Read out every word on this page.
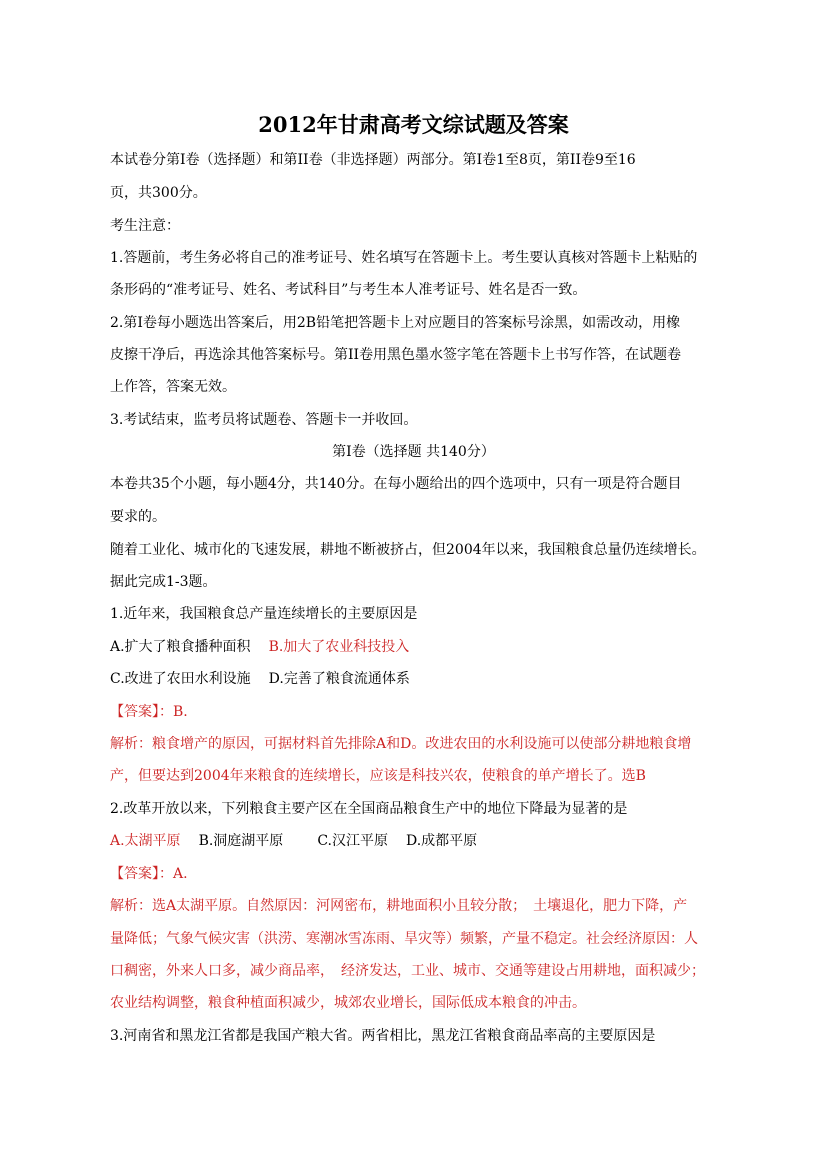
2012年甘肃高考文综试题及答案
本试卷分第Ⅰ卷（选择题）和第II卷（非选择题）两部分。第Ⅰ卷1至8页，第II卷9至16
页，共300分。
考生注意：
1.答题前，考生务必将自己的准考证号、姓名填写在答题卡上。考生要认真核对答题卡上粘贴的
条形码的“准考证号、姓名、考试科目”与考生本人准考证号、姓名是否一致。
2.第Ⅰ卷每小题选出答案后，用2B铅笔把答题卡上对应题目的答案标号涂黑，如需改动，用橡
皮擦干净后，再选涂其他答案标号。第II卷用黑色墨水签字笔在答题卡上书写作答，在试题卷
上作答，答案无效。
3.考试结束，监考员将试题卷、答题卡一并收回。
第Ⅰ卷（选择题 共140分）
本卷共35个小题，每小题4分，共140分。在每小题给出的四个选项中，只有一项是符合题目
要求的。
随着工业化、城市化的飞速发展，耕地不断被挤占，但2004年以来，我国粮食总量仍连续增长。
据此完成1-3题。
1.近年来，我国粮食总产量连续增长的主要原因是
A.扩大了粮食播种面积 B.加大了农业科技投入
C.改进了农田水利设施 D.完善了粮食流通体系
【答案】：B.
解析：粮食增产的原因，可据材料首先排除A和D。改进农田的水利设施可以使部分耕地粮食增
产，但要达到2004年来粮食的连续增长，应该是科技兴农，使粮食的单产增长了。选B
2.改革开放以来，下列粮食主要产区在全国商品粮食生产中的地位下降最为显著的是
A.太湖平原 B.洞庭湖平原 C.汉江平原 D.成都平原
【答案】：A.
解析：选A太湖平原。自然原因：河网密布，耕地面积小且较分散；　土壤退化，肥力下降，产
量降低；气象气候灾害（洪涝、寒潮冰雪冻雨、旱灾等）频繁，产量不稳定。社会经济原因：人
口稠密，外来人口多，减少商品率，　经济发达，工业、城市、交通等建设占用耕地，面积减少；
农业结构调整，粮食种植面积减少，城郊农业增长，国际低成本粮食的冲击。
3.河南省和黑龙江省都是我国产粮大省。两省相比，黑龙江省粮食商品率高的主要原因是
